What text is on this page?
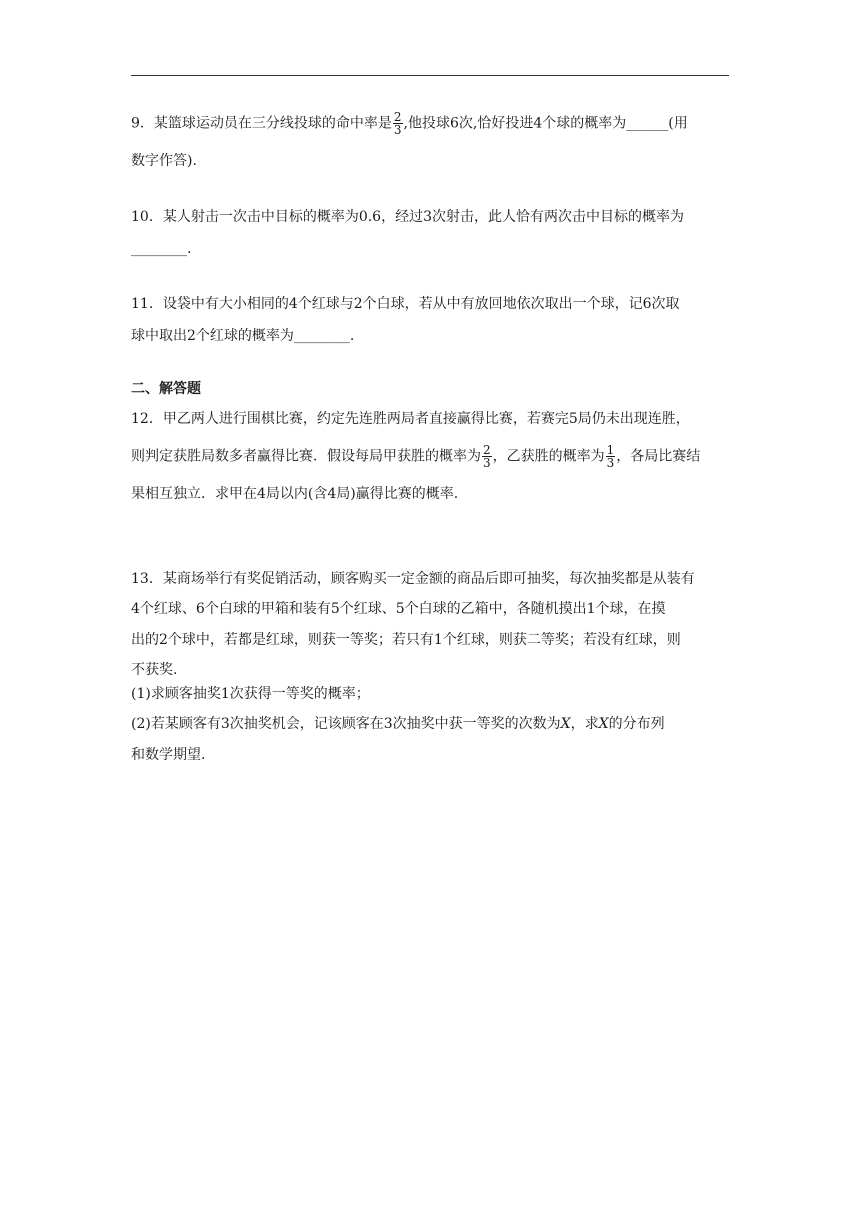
9．某篮球运动员在三分线投球的命中率是 $\frac{2}{3}$ ,他投球6次,恰好投进4个球的概率为______(用
数字作答).
10．某人射击一次击中目标的概率为0.6，经过3次射击，此人恰有两次击中目标的概率为
________.
11．设袋中有大小相同的4个红球与2个白球，若从中有放回地依次取出一个球，记6次取
球中取出2个红球的概率为________.
二、解答题
12．甲乙两人进行围棋比赛，约定先连胜两局者直接赢得比赛，若赛完5局仍未出现连胜，
则判定获胜局数多者赢得比赛．假设每局甲获胜的概率为 $\frac{2}{3}$ ，乙获胜的概率为 $\frac{1}{3}$ ，各局比赛结
果相互独立．求甲在4局以内(含4局)赢得比赛的概率.
13．某商场举行有奖促销活动，顾客购买一定金额的商品后即可抽奖，每次抽奖都是从装有
4个红球、6个白球的甲箱和装有5个红球、5个白球的乙箱中，各随机摸出1个球，在摸
出的2个球中，若都是红球，则获一等奖；若只有1个红球，则获二等奖；若没有红球，则
不获奖.
(1)求顾客抽奖1次获得一等奖的概率；
(2)若某顾客有3次抽奖机会，记该顾客在3次抽奖中获一等奖的次数为X，求X的分布列
和数学期望.
